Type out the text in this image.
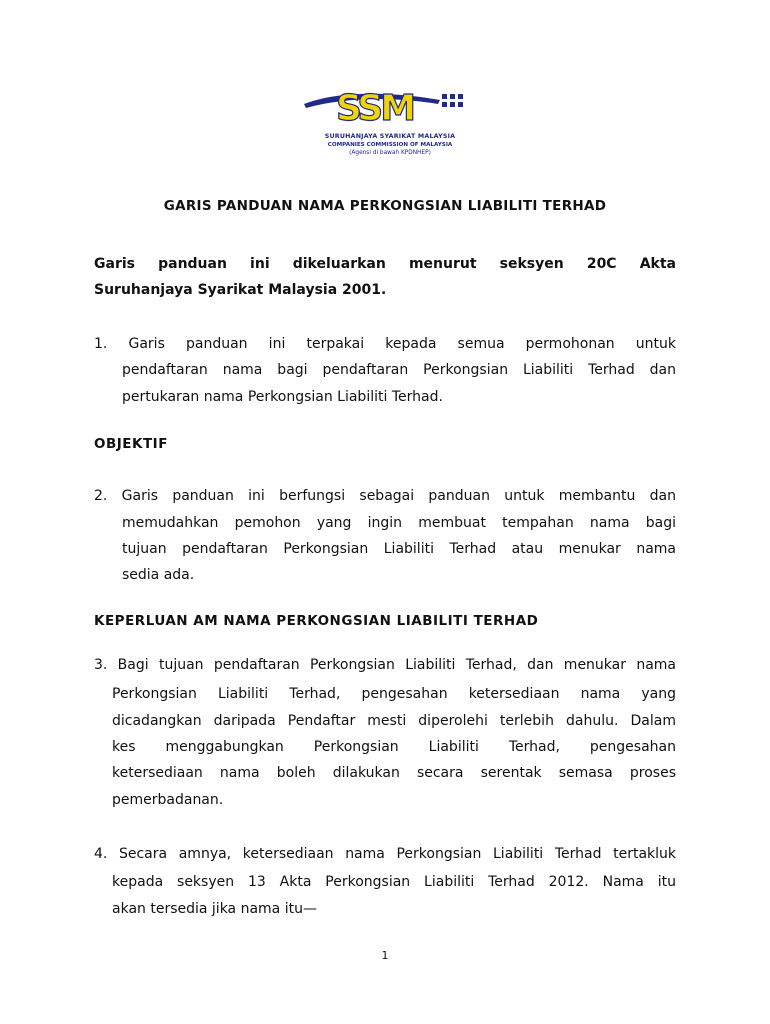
SSM
SURUHANJAYA SYARIKAT MALAYSIA
COMPANIES COMMISSION OF MALAYSIA
(Agensi di bawah KPDNHEP)
GARIS PANDUAN NAMA PERKONGSIAN LIABILITI TERHAD
Garis panduan ini dikeluarkan menurut seksyen 20C Akta
Suruhanjaya Syarikat Malaysia 2001.
1. Garis panduan ini terpakai kepada semua permohonan untuk
pendaftaran nama bagi pendaftaran Perkongsian Liabiliti Terhad dan
pertukaran nama Perkongsian Liabiliti Terhad.
OBJEKTIF
2. Garis panduan ini berfungsi sebagai panduan untuk membantu dan
memudahkan pemohon yang ingin membuat tempahan nama bagi
tujuan pendaftaran Perkongsian Liabiliti Terhad atau menukar nama
sedia ada.
KEPERLUAN AM NAMA PERKONGSIAN LIABILITI TERHAD
3. Bagi tujuan pendaftaran Perkongsian Liabiliti Terhad, dan menukar nama
Perkongsian Liabiliti Terhad, pengesahan ketersediaan nama yang
dicadangkan daripada Pendaftar mesti diperolehi terlebih dahulu. Dalam
kes menggabungkan Perkongsian Liabiliti Terhad, pengesahan
ketersediaan nama boleh dilakukan secara serentak semasa proses
pemerbadanan.
4. Secara amnya, ketersediaan nama Perkongsian Liabiliti Terhad tertakluk
kepada seksyen 13 Akta Perkongsian Liabiliti Terhad 2012. Nama itu
akan tersedia jika nama itu—
1
